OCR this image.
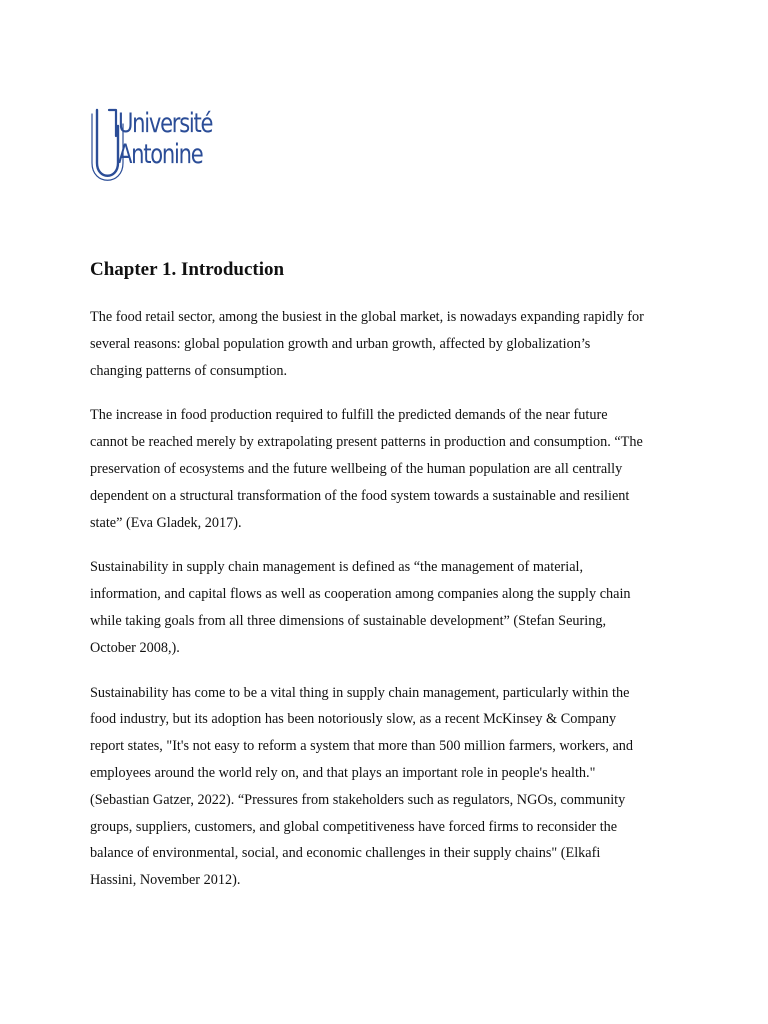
Université
Antonine
Chapter 1. Introduction

The food retail sector, among the busiest in the global market, is nowadays expanding rapidly for
several reasons: global population growth and urban growth, affected by globalization’s
changing patterns of consumption.

The increase in food production required to fulfill the predicted demands of the near future
cannot be reached merely by extrapolating present patterns in production and consumption. “The
preservation of ecosystems and the future wellbeing of the human population are all centrally
dependent on a structural transformation of the food system towards a sustainable and resilient
state” (Eva Gladek, 2017).

Sustainability in supply chain management is defined as “the management of material,
information, and capital flows as well as cooperation among companies along the supply chain
while taking goals from all three dimensions of sustainable development” (Stefan Seuring,
October 2008,).

Sustainability has come to be a vital thing in supply chain management, particularly within the
food industry, but its adoption has been notoriously slow, as a recent McKinsey & Company
report states, "It's not easy to reform a system that more than 500 million farmers, workers, and
employees around the world rely on, and that plays an important role in people's health."
(Sebastian Gatzer, 2022). “Pressures from stakeholders such as regulators, NGOs, community
groups, suppliers, customers, and global competitiveness have forced firms to reconsider the
balance of environmental, social, and economic challenges in their supply chains" (Elkafi
Hassini, November 2012).
